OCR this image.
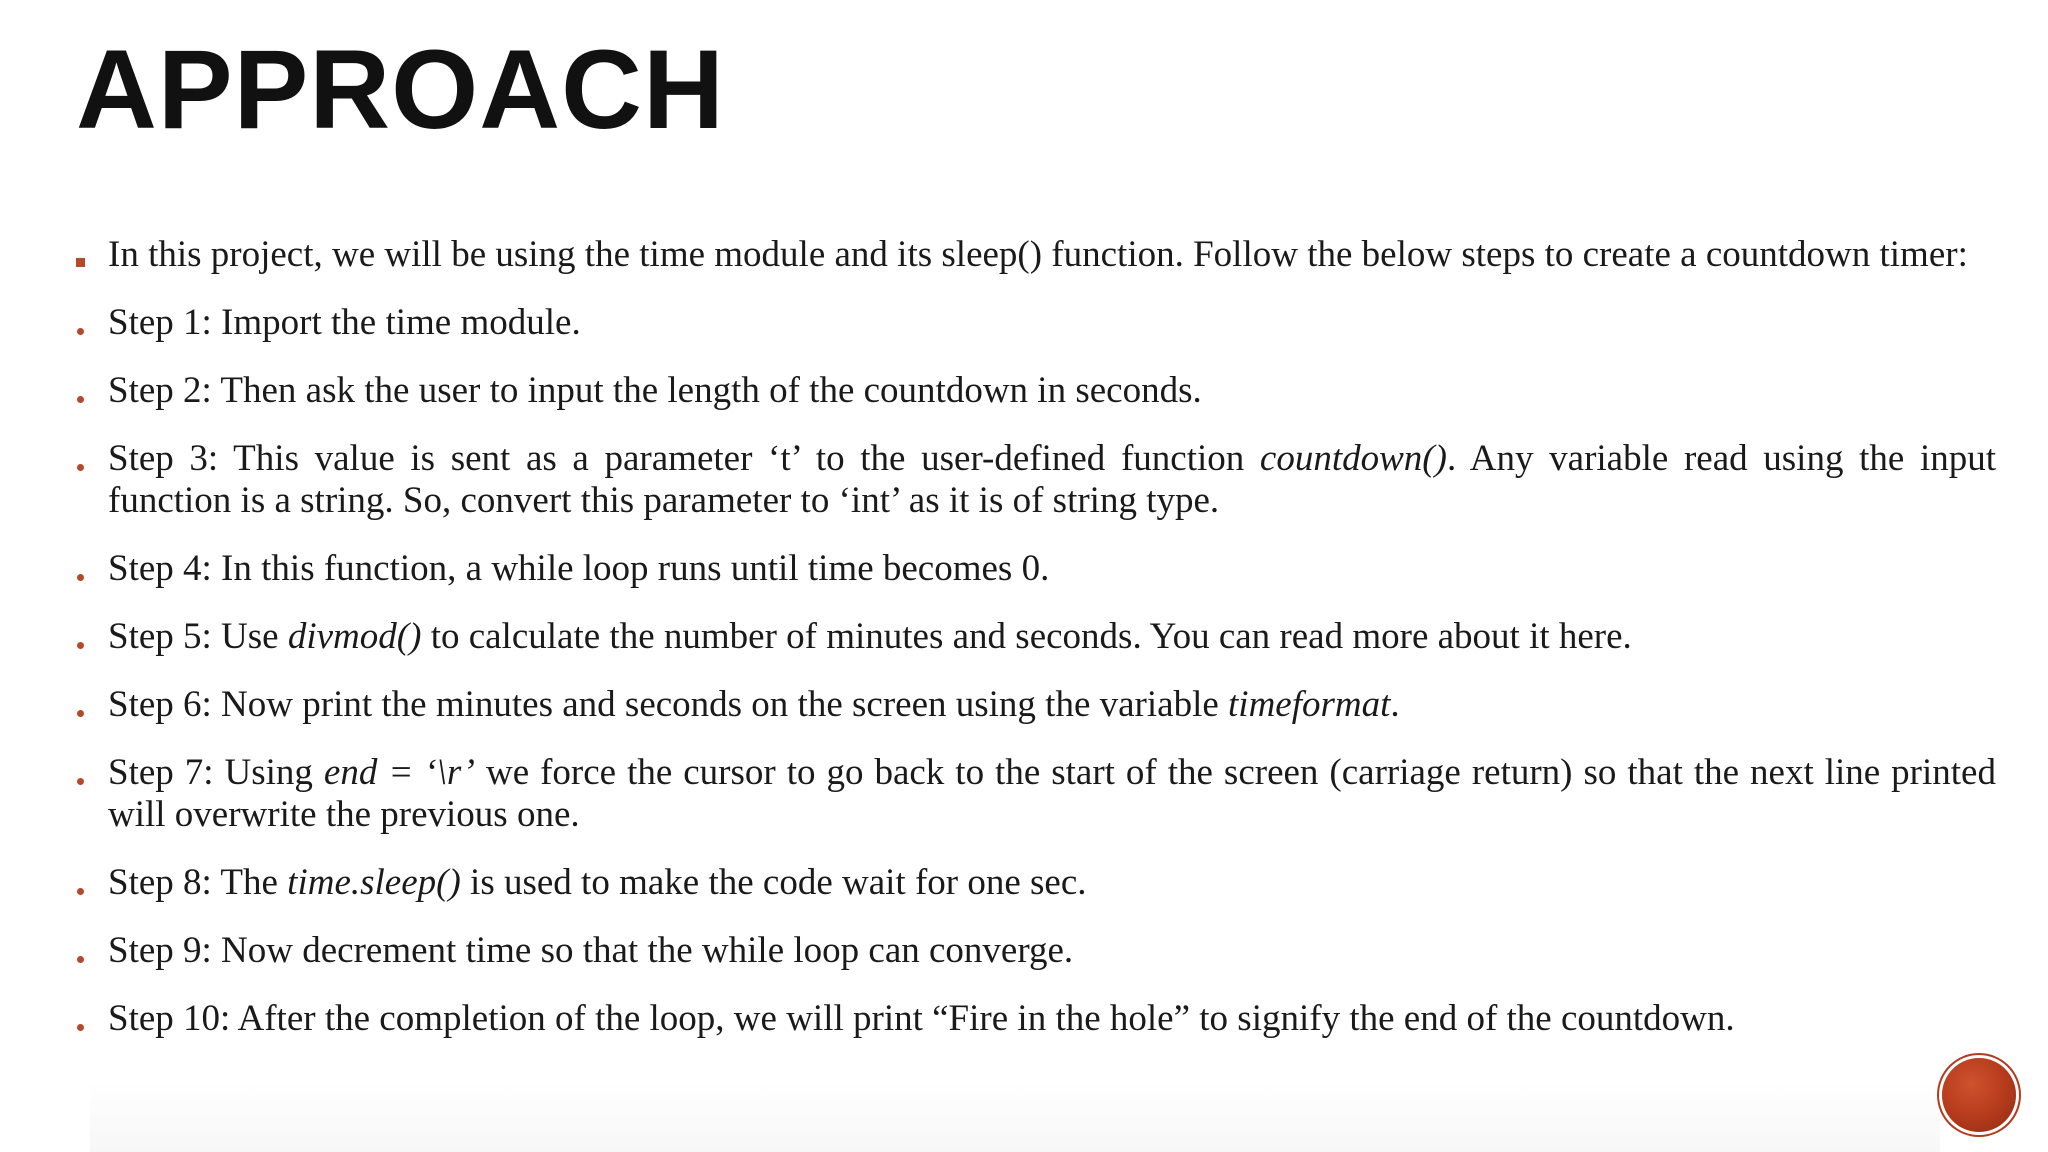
APPROACH
In this project, we will be using the time module and its sleep() function. Follow the below steps to create a countdown timer:
Step 1: Import the time module.
Step 2: Then ask the user to input the length of the countdown in seconds.
Step 3: This value is sent as a parameter ‘t’ to the user-defined function countdown(). Any variable read using the input function is a string. So, convert this parameter to ‘int’ as it is of string type.
Step 4: In this function, a while loop runs until time becomes 0.
Step 5: Use divmod() to calculate the number of minutes and seconds. You can read more about it here.
Step 6: Now print the minutes and seconds on the screen using the variable timeformat.
Step 7: Using end = ‘\r’ we force the cursor to go back to the start of the screen (carriage return) so that the next line printed will overwrite the previous one.
Step 8: The time.sleep() is used to make the code wait for one sec.
Step 9: Now decrement time so that the while loop can converge.
Step 10: After the completion of the loop, we will print “Fire in the hole” to signify the end of the countdown.
